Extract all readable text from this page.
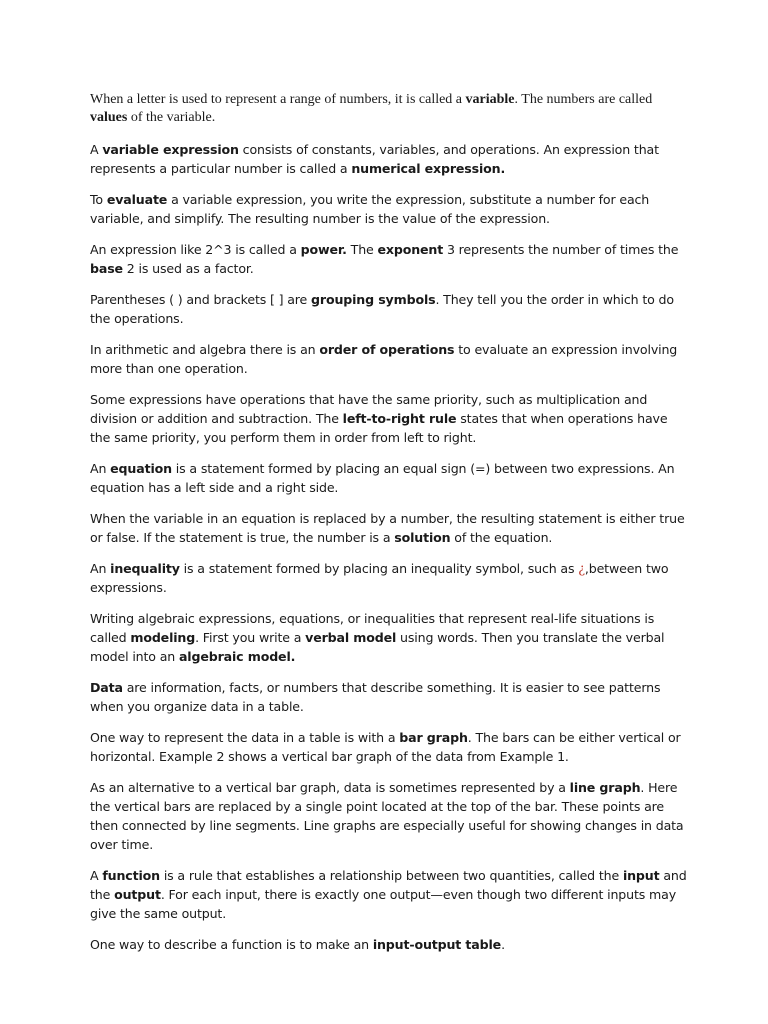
When a letter is used to represent a range of numbers, it is called a variable. The numbers are called values of the variable.

A variable expression consists of constants, variables, and operations. An expression that represents a particular number is called a numerical expression.

To evaluate a variable expression, you write the expression, substitute a number for each variable, and simplify. The resulting number is the value of the expression.

An expression like 2^3 is called a power. The exponent 3 represents the number of times the base 2 is used as a factor.

Parentheses ( ) and brackets [ ] are grouping symbols. They tell you the order in which to do the operations.

In arithmetic and algebra there is an order of operations to evaluate an expression involving more than one operation.

Some expressions have operations that have the same priority, such as multiplication and division or addition and subtraction. The left-to-right rule states that when operations have the same priority, you perform them in order from left to right.

An equation is a statement formed by placing an equal sign (=) between two expressions. An equation has a left side and a right side.

When the variable in an equation is replaced by a number, the resulting statement is either true or false. If the statement is true, the number is a solution of the equation.

An inequality is a statement formed by placing an inequality symbol, such as ¿,between two expressions.

Writing algebraic expressions, equations, or inequalities that represent real-life situations is called modeling. First you write a verbal model using words. Then you translate the verbal model into an algebraic model.

Data are information, facts, or numbers that describe something. It is easier to see patterns when you organize data in a table.

One way to represent the data in a table is with a bar graph. The bars can be either vertical or horizontal. Example 2 shows a vertical bar graph of the data from Example 1.

As an alternative to a vertical bar graph, data is sometimes represented by a line graph. Here the vertical bars are replaced by a single point located at the top of the bar. These points are then connected by line segments. Line graphs are especially useful for showing changes in data over time.

A function is a rule that establishes a relationship between two quantities, called the input and the output. For each input, there is exactly one output—even though two different inputs may give the same output.

One way to describe a function is to make an input-output table.
